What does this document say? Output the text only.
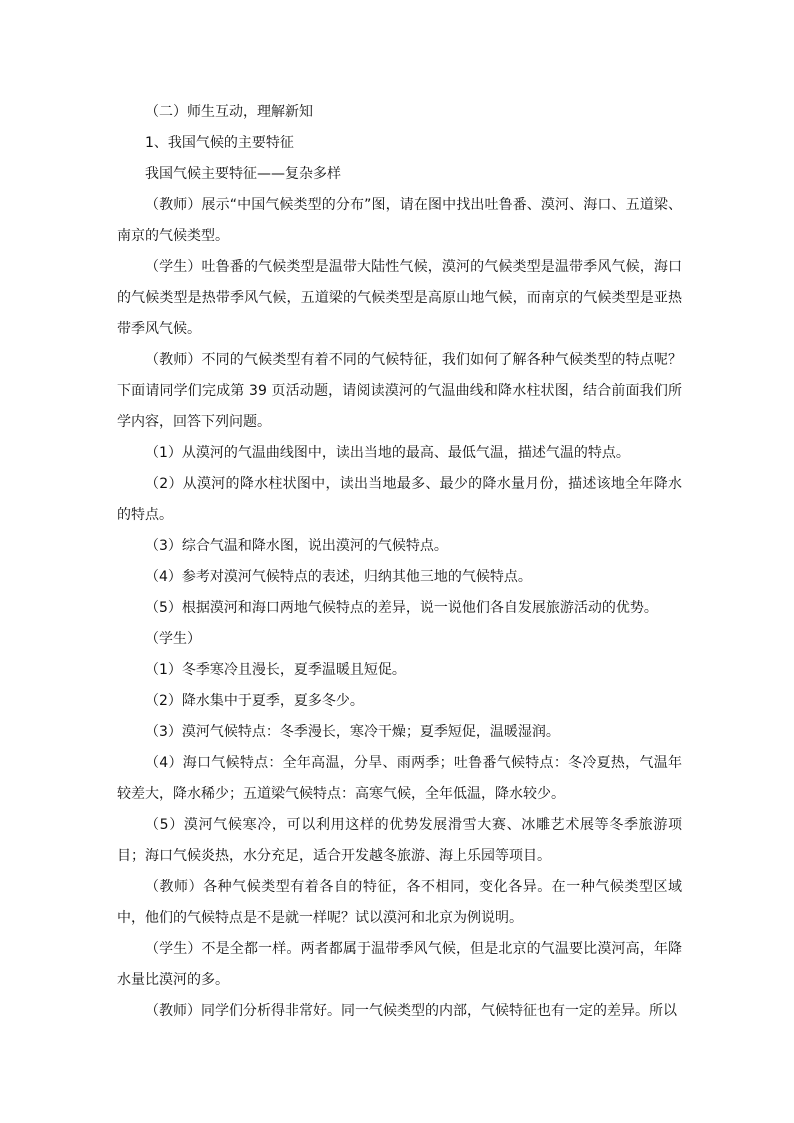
（二）师生互动，理解新知

1、我国气候的主要特征

我国气候主要特征——复杂多样

（教师）展示“中国气候类型的分布”图，请在图中找出吐鲁番、漠河、海口、五道梁、南京的气候类型。

（学生）吐鲁番的气候类型是温带大陆性气候，漠河的气候类型是温带季风气候，海口的气候类型是热带季风气候，五道梁的气候类型是高原山地气候，而南京的气候类型是亚热带季风气候。

（教师）不同的气候类型有着不同的气候特征，我们如何了解各种气候类型的特点呢？下面请同学们完成第 39 页活动题，请阅读漠河的气温曲线和降水柱状图，结合前面我们所学内容，回答下列问题。

（1）从漠河的气温曲线图中，读出当地的最高、最低气温，描述气温的特点。

（2）从漠河的降水柱状图中，读出当地最多、最少的降水量月份，描述该地全年降水的特点。

（3）综合气温和降水图，说出漠河的气候特点。

（4）参考对漠河气候特点的表述，归纳其他三地的气候特点。

（5）根据漠河和海口两地气候特点的差异，说一说他们各自发展旅游活动的优势。

（学生）

（1）冬季寒冷且漫长，夏季温暖且短促。

（2）降水集中于夏季，夏多冬少。

（3）漠河气候特点：冬季漫长，寒冷干燥；夏季短促，温暖湿润。

（4）海口气候特点：全年高温，分旱、雨两季；吐鲁番气候特点：冬冷夏热，气温年较差大，降水稀少；五道梁气候特点：高寒气候，全年低温，降水较少。

（5）漠河气候寒冷，可以利用这样的优势发展滑雪大赛、冰雕艺术展等冬季旅游项目；海口气候炎热，水分充足，适合开发越冬旅游、海上乐园等项目。

（教师）各种气候类型有着各自的特征，各不相同，变化各异。在一种气候类型区域中，他们的气候特点是不是就一样呢？试以漠河和北京为例说明。

（学生）不是全都一样。两者都属于温带季风气候，但是北京的气温要比漠河高，年降水量比漠河的多。

（教师）同学们分析得非常好。同一气候类型的内部，气候特征也有一定的差异。所以
